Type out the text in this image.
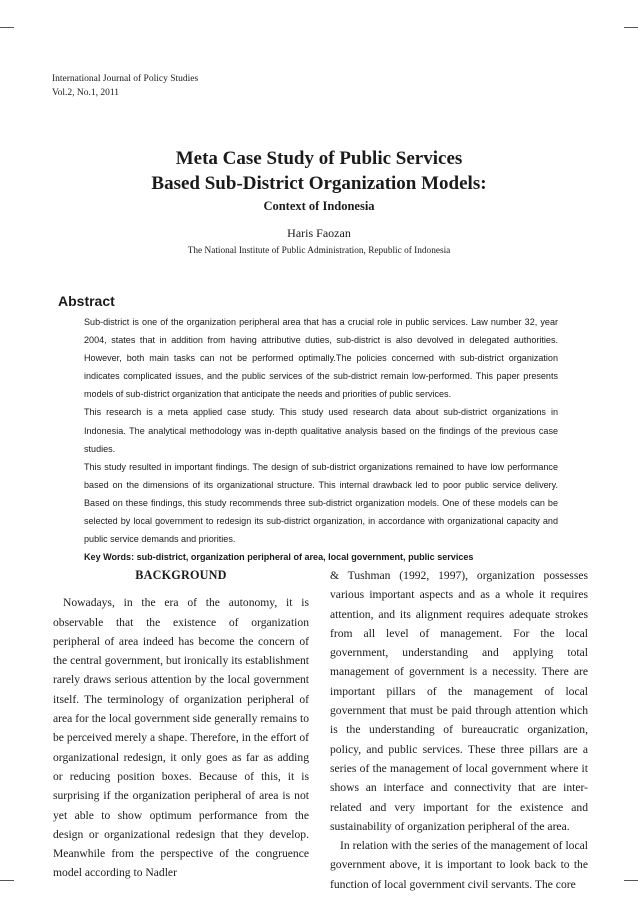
International Journal of Policy Studies
Vol.2, No.1, 2011
Meta Case Study of Public Services
Based Sub-District Organization Models:
Context of Indonesia
Haris Faozan
The National Institute of Public Administration, Republic of Indonesia
Abstract

Sub-district is one of the organization peripheral area that has a crucial role in public services. Law number 32, year 2004, states that in addition from having attributive duties, sub-district is also devolved in delegated authorities. However, both main tasks can not be performed optimally.The policies concerned with sub-district organization indicates complicated issues, and the public services of the sub-district remain low-performed. This paper presents models of sub-district organization that anticipate the needs and priorities of public services.

This research is a meta applied case study. This study used research data about sub-district organizations in Indonesia. The analytical methodology was in-depth qualitative analysis based on the findings of the previous case studies.

This study resulted in important findings. The design of sub-district organizations remained to have low performance based on the dimensions of its organizational structure. This internal drawback led to poor public service delivery. Based on these findings, this study recommends three sub-district organization models. One of these models can be selected by local government to redesign its sub-district organization, in accordance with organizational capacity and public service demands and priorities.

Key Words: sub-district, organization peripheral of area, local government, public services

BACKGROUND

Nowadays, in the era of the autonomy, it is observable that the existence of organization peripheral of area indeed has become the concern of the central government, but ironically its establishment rarely draws serious attention by the local government itself. The terminology of organization peripheral of area for the local government side generally remains to be perceived merely a shape. Therefore, in the effort of organizational redesign, it only goes as far as adding or reducing position boxes. Because of this, it is surprising if the organization peripheral of area is not yet able to show optimum performance from the design or organizational redesign that they develop. Meanwhile from the perspective of the congruence model according to Nadler

& Tushman (1992, 1997), organization possesses various important aspects and as a whole it requires attention, and its alignment requires adequate strokes from all level of management. For the local government, understanding and applying total management of government is a necessity. There are important pillars of the management of local government that must be paid through attention which is the understanding of bureaucratic organization, policy, and public services. These three pillars are a series of the management of local government where it shows an interface and connectivity that are inter-related and very important for the existence and sustainability of organization peripheral of the area.

In relation with the series of the management of local government above, it is important to look back to the function of local government civil servants. The core
